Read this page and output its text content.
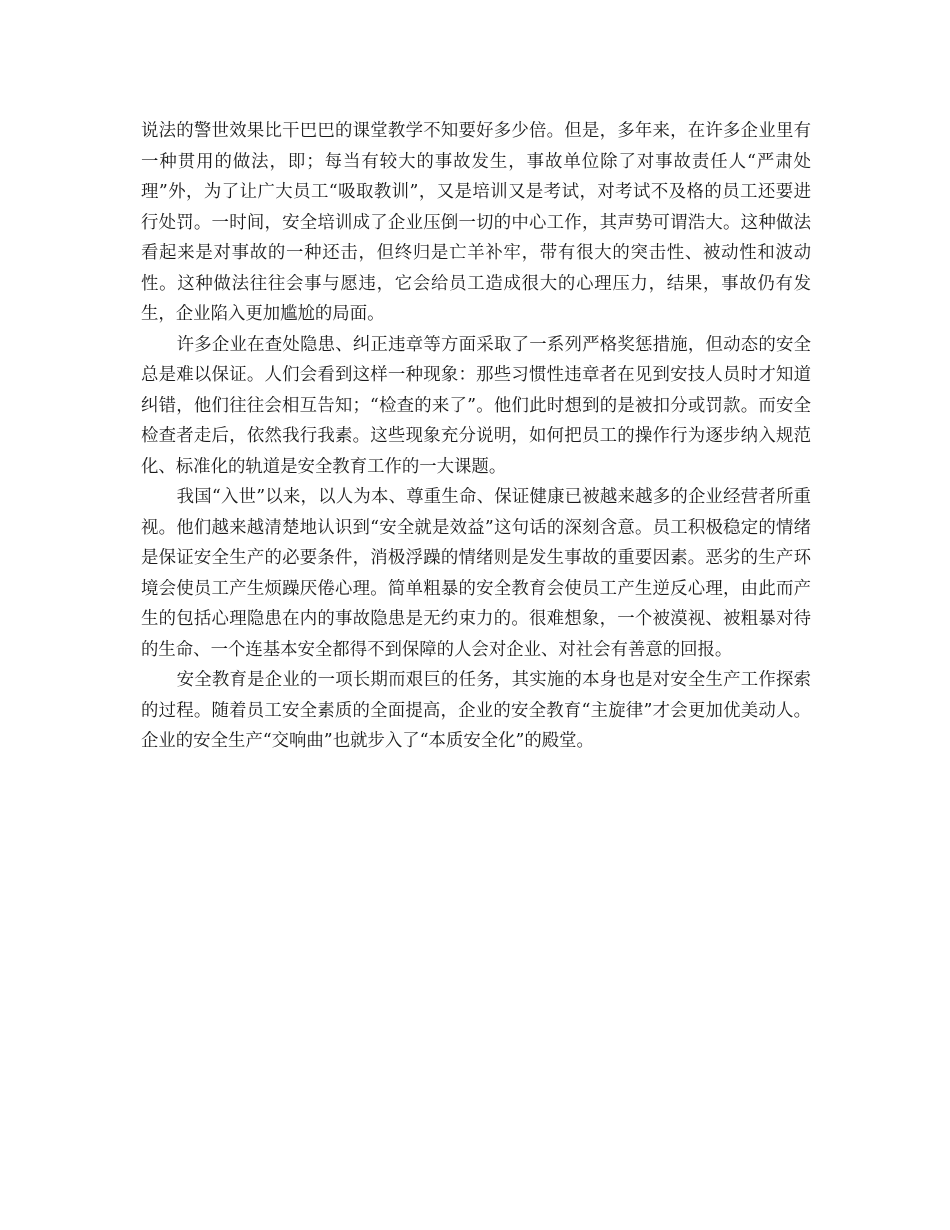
说法的警世效果比干巴巴的课堂教学不知要好多少倍。但是，多年来，在许多企业里有一种贯用的做法，即；每当有较大的事故发生，事故单位除了对事故责任人“严肃处理”外，为了让广大员工“吸取教训”，又是培训又是考试，对考试不及格的员工还要进行处罚。一时间，安全培训成了企业压倒一切的中心工作，其声势可谓浩大。这种做法看起来是对事故的一种还击，但终归是亡羊补牢，带有很大的突击性、被动性和波动性。这种做法往往会事与愿违，它会给员工造成很大的心理压力，结果，事故仍有发生，企业陷入更加尴尬的局面。

许多企业在查处隐患、纠正违章等方面采取了一系列严格奖惩措施，但动态的安全总是难以保证。人们会看到这样一种现象：那些习惯性违章者在见到安技人员时才知道纠错，他们往往会相互告知；“检查的来了”。他们此时想到的是被扣分或罚款。而安全检查者走后，依然我行我素。这些现象充分说明，如何把员工的操作行为逐步纳入规范化、标准化的轨道是安全教育工作的一大课题。

我国“入世”以来，以人为本、尊重生命、保证健康已被越来越多的企业经营者所重视。他们越来越清楚地认识到“安全就是效益”这句话的深刻含意。员工积极稳定的情绪是保证安全生产的必要条件，消极浮躁的情绪则是发生事故的重要因素。恶劣的生产环境会使员工产生烦躁厌倦心理。简单粗暴的安全教育会使员工产生逆反心理，由此而产生的包括心理隐患在内的事故隐患是无约束力的。很难想象，一个被漠视、被粗暴对待的生命、一个连基本安全都得不到保障的人会对企业、对社会有善意的回报。

安全教育是企业的一项长期而艰巨的任务，其实施的本身也是对安全生产工作探索的过程。随着员工安全素质的全面提高，企业的安全教育“主旋律”才会更加优美动人。企业的安全生产“交响曲”也就步入了“本质安全化”的殿堂。
